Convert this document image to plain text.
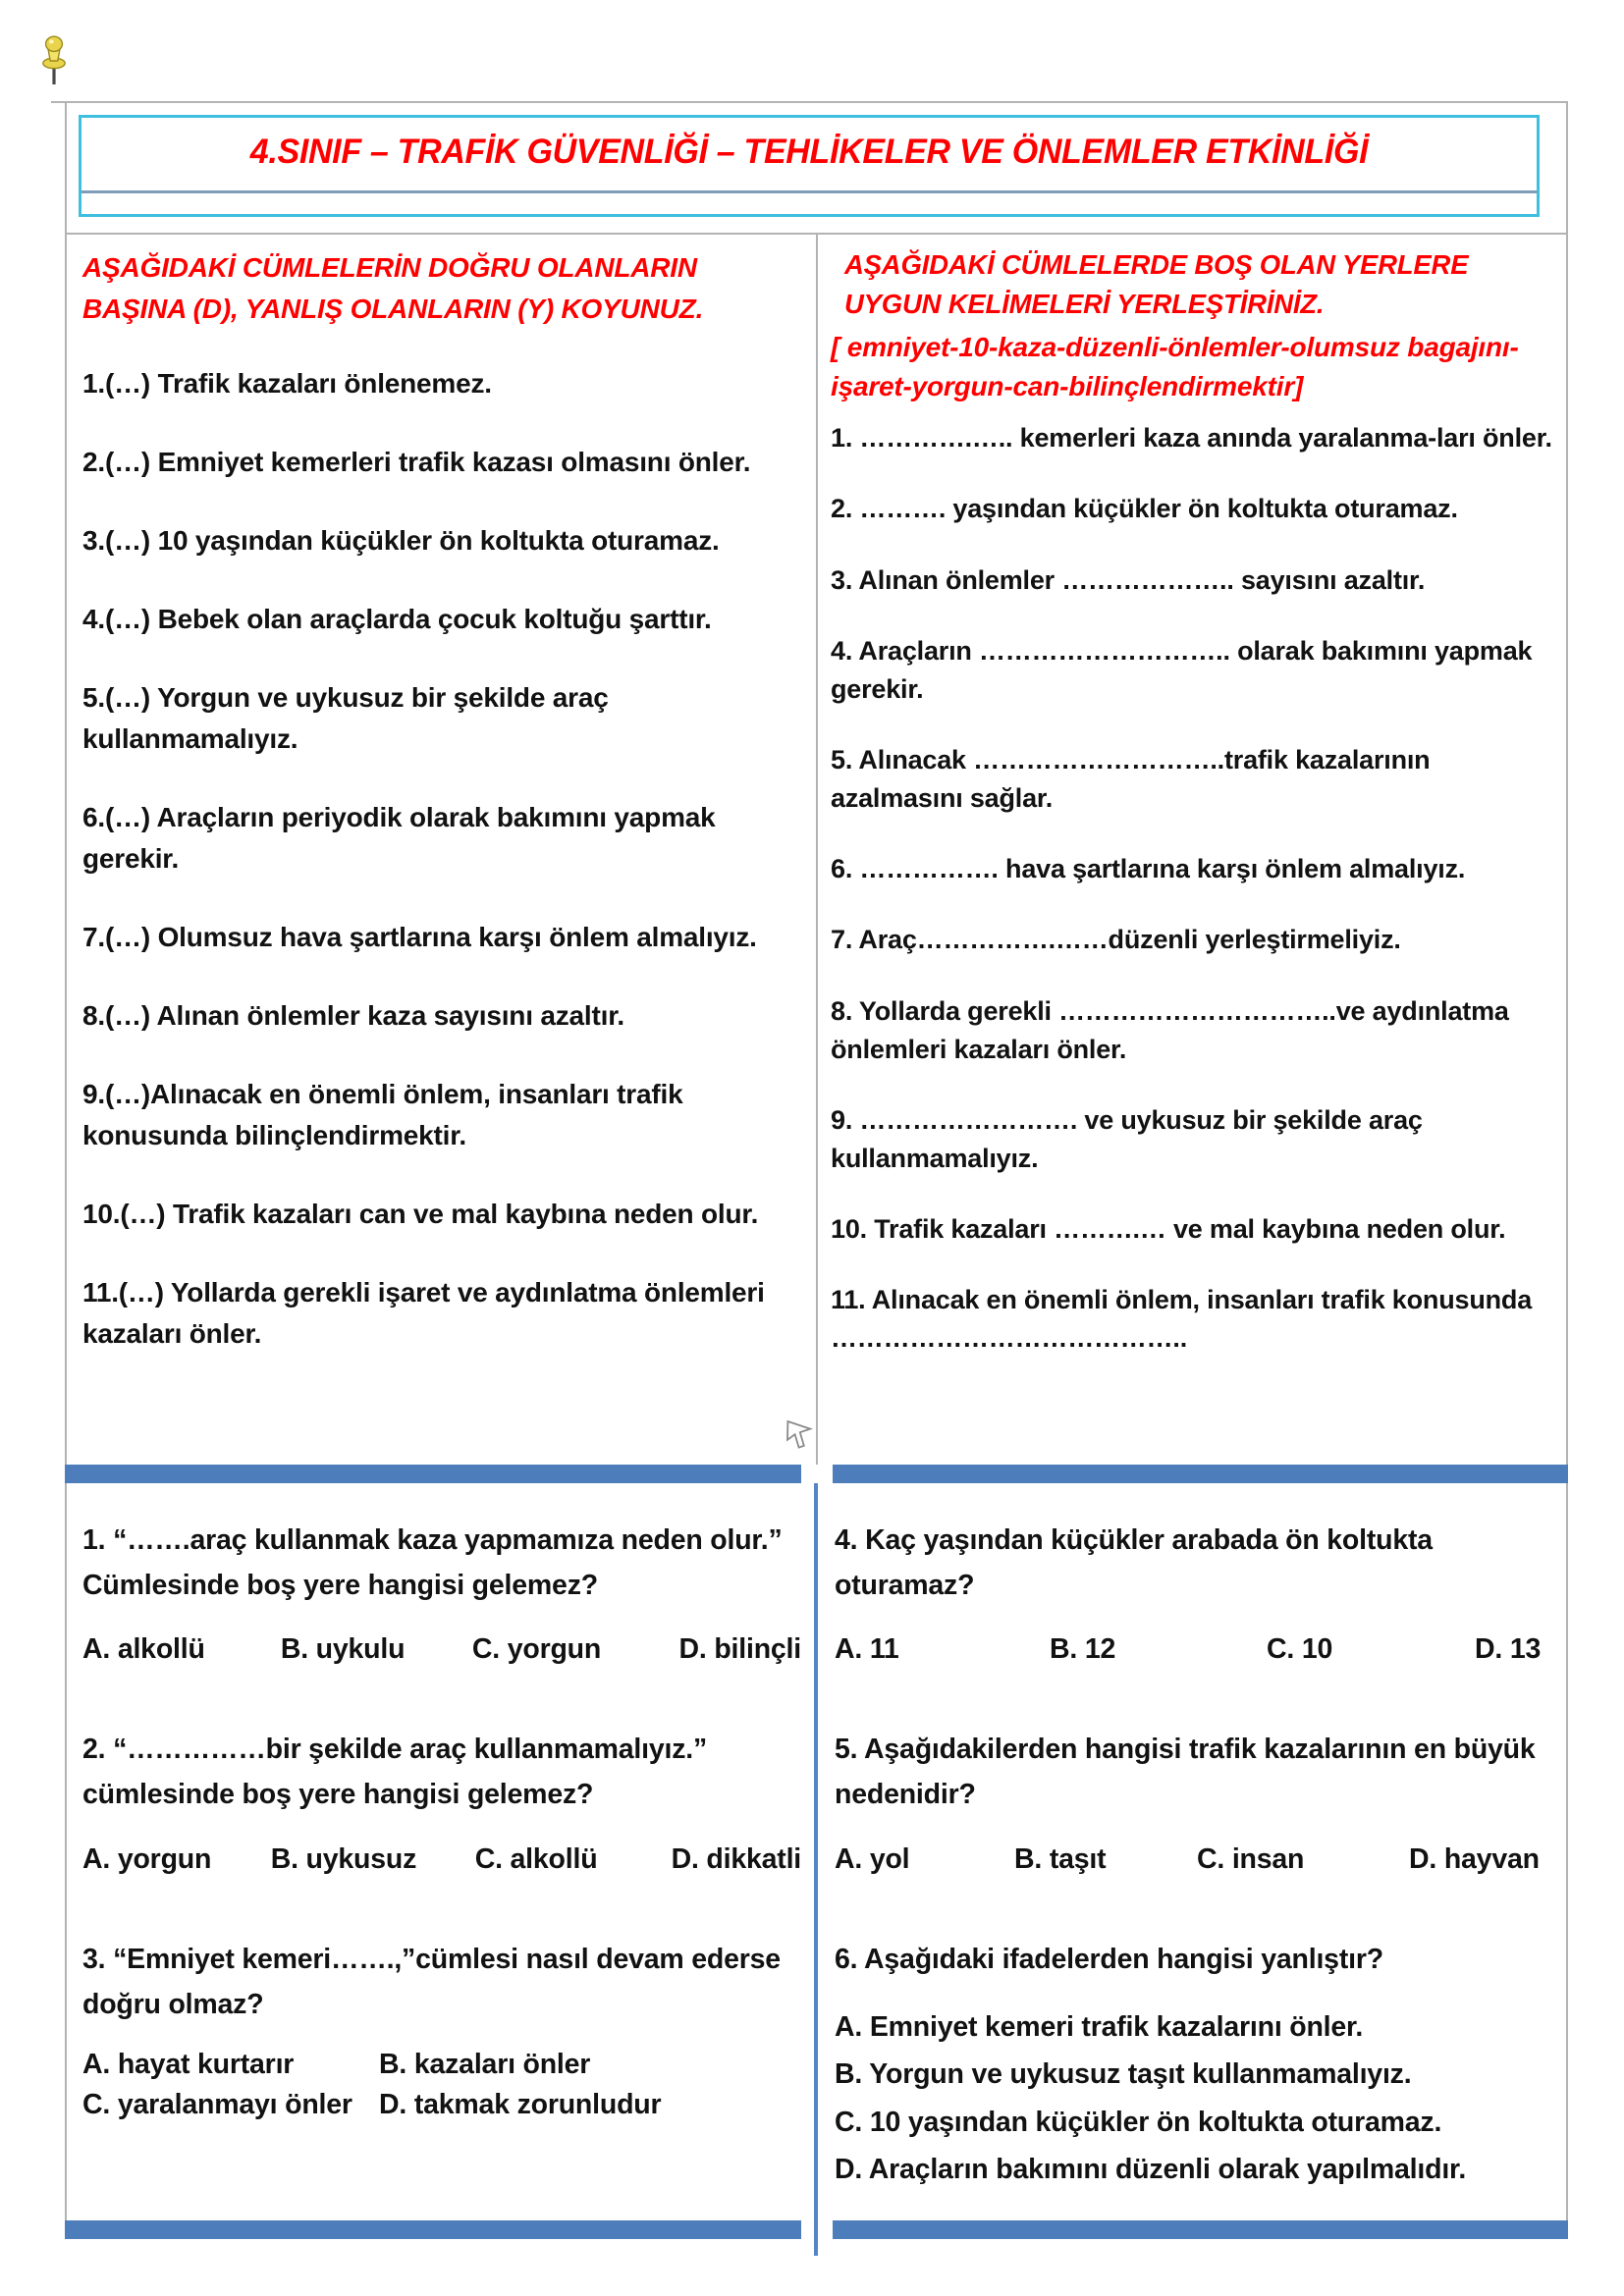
4.SINIF – TRAFİK GÜVENLİĞİ – TEHLİKELER VE ÖNLEMLER ETKİNLİĞİ
AŞAĞIDAKİ CÜMLELERİN DOĞRU OLANLARIN BAŞINA (D), YANLIŞ OLANLARIN (Y) KOYUNUZ.

1.(…) Trafik kazaları önlenemez.

2.(…) Emniyet kemerleri trafik kazası olmasını önler.

3.(…) 10 yaşından küçükler ön koltukta oturamaz.

4.(…) Bebek olan araçlarda çocuk koltuğu şarttır.

5.(…) Yorgun ve uykusuz bir şekilde araç kullanmamalıyız.

6.(…) Araçların periyodik olarak bakımını yapmak gerekir.

7.(…) Olumsuz hava şartlarına karşı önlem almalıyız.

8.(…) Alınan önlemler kaza sayısını azaltır.

9.(…)Alınacak en önemli önlem, insanları trafik konusunda bilinçlendirmektir.

10.(…) Trafik kazaları can ve mal kaybına neden olur.

11.(…) Yollarda gerekli işaret ve aydınlatma önlemleri kazaları önler.

AŞAĞIDAKİ CÜMLELERDE BOŞ OLAN YERLERE UYGUN KELİMELERİ YERLEŞTİRİNİZ.

[ emniyet-10-kaza-düzenli-önlemler-olumsuz bagajını-işaret-yorgun-can-bilinçlendirmektir]

1. ………….….. kemerleri kaza anında yaralanma-ları önler.

2. ………. yaşından küçükler ön koltukta oturamaz.

3. Alınan önlemler ……………….. sayısını azaltır.

4. Araçların ……………………….. olarak bakımını yapmak gerekir.

5. Alınacak ………………………..trafik kazalarının azalmasını sağlar.

6. ……………. hava şartlarına karşı önlem almalıyız.

7. Araç…………….……düzenli yerleştirmeliyiz.

8. Yollarda gerekli …………………………..ve aydınlatma önlemleri kazaları önler.

9. ……………………. ve uykusuz bir şekilde araç kullanmamalıyız.

10. Trafik kazaları ……….… ve mal kaybına neden olur.

11. Alınacak en önemli önlem, insanları trafik konusunda …………………………………..

1. “…….araç kullanmak kaza yapmamıza neden olur.” Cümlesinde boş yere hangisi gelemez?

A. alkollü	B. uykulu	C. yorgun	D. bilinçli

2. “……………bir şekilde araç kullanmamalıyız.” cümlesinde boş yere hangisi gelemez?

A. yorgun	B. uykusuz	C. alkollü	D. dikkatli

3. “Emniyet kemeri…….,”cümlesi nasıl devam ederse doğru olmaz?

A. hayat kurtarır	B. kazaları önler
C. yaralanmayı önler D. takmak zorunludur

4. Kaç yaşından küçükler arabada ön koltukta oturamaz?

A. 11	B. 12	C. 10	D. 13

5. Aşağıdakilerden hangisi trafik kazalarının en büyük nedenidir?

A. yol	B. taşıt	C. insan	D. hayvan

6. Aşağıdaki ifadelerden hangisi yanlıştır?

A. Emniyet kemeri trafik kazalarını önler.

B. Yorgun ve uykusuz taşıt kullanmamalıyız.

C. 10 yaşından küçükler ön koltukta oturamaz.

D. Araçların bakımını düzenli olarak yapılmalıdır.
